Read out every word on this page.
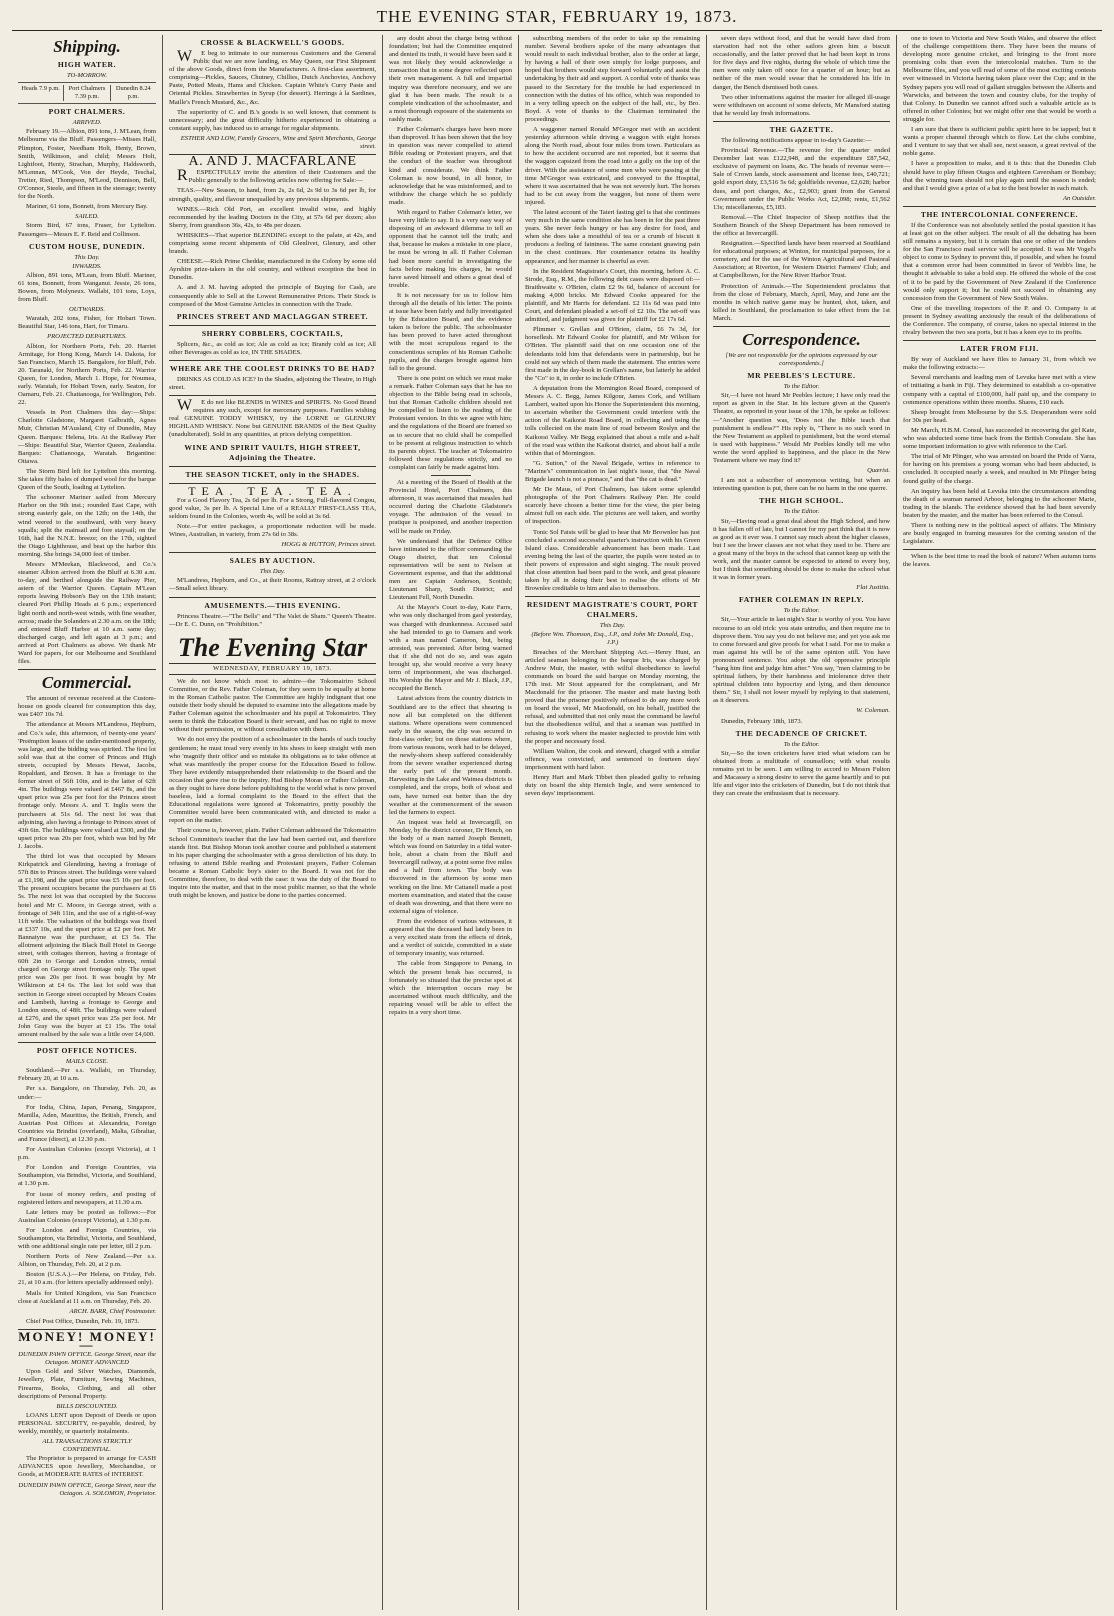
THE EVENING STAR, FEBRUARY 19, 1873.
Shipping.
HIGH WATER.
TO-MORROW.
Heads 7.9 p.m.	Port Chalmers 7.39 p.m.
Dunedin 8.24 p.m.
PORT CHALMERS.
ARRIVED.

February 19.—Albion, 891 tons, J. M'Lean, from Melbourne via the Bluff. Passengers—Misses Hall, Plimpton, Foster, Needham Holt, Henty, Brown, Smith, Wilkinson, and child; Messrs Holt, Lightfoot, Henty, Strachan, Murphy, Haldsworth, M'Lennan, M'Cook, Von der Heyde, Teschal, Tretter, Ried, Thompson, M'Leod, Dennison, Bell, O'Connor, Steele, and fifteen in the steerage; twenty for the North.

Mariner, 61 tons, Bonnett, from Mercury Bay.

SAILED.

Storm Bird, 67 tons, Fraser, for Lyttelton. Passengers—Messrs E. F. Reid and Collinson.

CUSTOM HOUSE, DUNEDIN.
This Day.
INWARDS.

Albion, 891 tons, M'Lean, from Bluff. Mariner, 61 tons, Bonnett, from Wanganui. Jessie, 26 tons, Bowen, from Molyneux. Wallabi, 101 tons, Loys, from Bluff.

OUTWARDS.

Waratah, 202 tons, Fisher, for Hobart Town. Beautiful Star, 146 tons, Hart, for Timaru.

PROJECTED DEPARTURES.

Albion, for Northern Ports, Feb. 20. Harriet Armitage, for Hong Kong, March 14. Dakota, for San Francisco, March 15. Bangalore, for Bluff, Feb. 20. Taranaki, for Northern Ports, Feb. 22. Warrior Queen, for London, March 1. Hope, for Noumea, early. Waratah, for Hobart Town, early. Seaton, for Oamaru, Feb. 21. Chattanooga, for Wellington, Feb. 22.

Vessels in Port Chalmers this day:—Ships: Charlotte Gladstone, Margaret Galbraith, Agnes Muir, Christian M'Ausland, City of Dunedin, May Queen. Barques: Helena, Iris. At the Railway Pier—Ships: Beautiful Star, Warrior Queen, Zealandia. Barques: Chattanooga, Waratah. Brigantine: Ottawa.

The Storm Bird left for Lyttelton this morning. She takes fifty bales of dumped wool for the barque Queen of the South, loading at Lyttelton.

The schooner Mariner sailed from Mercury Harbor on the 9th inst.; rounded East Cape, with strong easterly gale, on the 12th; on the 14th, the wind veered to the southward, with very heavy squalls; split the mainsail and fore staysail; on the 16th, had the N.N.E. breeze; on the 17th, sighted the Otago Lighthouse, and beat up the harbor this morning. She brings 34,000 feet of timber.

Messrs M'Meekan, Blackwood, and Co.'s steamer Albion arrived from the Bluff at 6.30 a.m. to-day, and berthed alongside the Railway Pier, astern of the Warrior Queen. Captain M'Lean reports leaving Hobson's Bay on the 13th instant; cleared Port Phillip Heads at 6 p.m.; experienced light north and north-west winds, with fine weather, across; made the Solanders at 2.30 a.m. on the 18th; and entered Bluff Harbor at 10 a.m. same day; discharged cargo, and left again at 3 p.m.; and arrived at Port Chalmers as above. We thank Mr Ward for papers, for our Melbourne and Southland files.

Commercial.

The amount of revenue received at the Custom-house on goods cleared for consumption this day, was £407 10s 7d.

The attendance at Messrs M'Landress, Hepburn, and Co.'s sale, this afternoon, of twenty-one years' 'Preëmption leases of the under-mentioned property, was large, and the bidding was spirited. The first lot sold was that at the corner of Princes and High streets, occupied by Messrs Hewat, Jacobs, Ropaldant, and Brown. It has a frontage to the former street of 56ft 10in, and to the latter of 62ft 4in. The buildings were valued at £467 8s, and the upset price was 25s per foot for the Princes street frontage only. Messrs A. and T. Inglis were the purchasers at 51s 6d. The next lot was that adjoining, also having a frontage to Princes street of 43ft 6in. The buildings were valued at £300, and the upset price was 20s per foot, which was bid by Mr J. Jacobs.

The third lot was that occupied by Messrs Kirkpatrick and Glendining, having a frontage of 57ft 8in to Princes street. The buildings were valued at £1,198, and the upset price was £5 10s per foot. The present occupiers became the purchasers at £6 5s. The next lot was that occupied by the Success hotel and Mr C. Moore, in George street, with a frontage of 34ft 11in, and the use of a right-of-way 11ft wide. The valuation of the buildings was fixed at £337 10s, and the upset price at £2 per foot. Mr Bannatyne was the purchaser, at £3 5s. The allotment adjoining the Black Bull Hotel in George street, with cottages thereon, having a frontage of 60ft 2in to George and London streets, rental charged on George street frontage only. The upset price was 20s per foot. It was bought by Mr Wilkinson at £4 6s. The last lot sold was that section in George street occupied by Messrs Coates and Lambeth, having a frontage to George and London streets, of 48ft. The buildings were valued at £276, and the upset price was 25s per foot. Mr John Gray was the buyer at £1 15s. The total amount realised by the sale was a little over £4,600.

POST OFFICE NOTICES.
MAILS CLOSE.

Southland.—Per s.s. Wallabi, on Thursday, February 20, at 10 a.m.

Per s.s. Bangalore, on Thursday, Feb. 20, as under:—

For India, China, Japan, Penang, Singapore, Manilla, Aden, Mauritius, the British, French, and Austrian Post Offices at Alexandria, Foreign Countries via Brindisi (overland), Malta, Gibraltar, and France (direct), at 12.30 p.m.

For Australian Colonies (except Victoria), at 1 p.m.

For London and Foreign Countries, via Southampton, via Brindisi, Victoria, and Southland, at 1.30 p.m.

For issue of money orders, and posting of registered letters and newspapers, at 11.30 a.m.

Late letters may be posted as follows:—For Australian Colonies (except Victoria), at 1.30 p.m.

For London and Foreign Countries, via Southampton, via Brindisi, Victoria, and Southland, with one additional single rate per letter, till 2 p.m.

Northern Ports of New Zealand.—Per s.s. Albion, on Thursday, Feb. 20, at 2 p.m.

Boston (U.S.A.).—Per Helena, on Friday, Feb. 21, at 10 a.m. (for letters specially addressed only).

Mails for United Kingdom, via San Francisco close at Auckland at 11 a.m. on Thursday, Feb. 20.

ARCH. BARR, Chief Postmaster.

Chief Post Office, Dunedin, Feb. 19, 1873.

MONEY! MONEY!—
DUNEDIN PAWN OFFICE. George Street, near the Octagon. MONEY ADVANCED

Upon Gold and Silver Watches, Diamonds, Jewellery, Plate, Furniture, Sewing Machines, Firearms, Books, Clothing, and all other descriptions of Personal Property.

BILLS DISCOUNTED.

LOANS LENT upon Deposit of Deeds or upon PERSONAL SECURITY, re-payable, desired, by weekly, monthly, or quarterly instalments.

ALL TRANSACTIONS STRICTLY CONFIDENTIAL.

The Proprietor is prepared to arrange for CASH ADVANCES upon Jewellery, Merchandise, or Goods, at MODERATE RATES of INTEREST.

DUNEDIN PAWN OFFICE, George Street, near the Octagon. A. SOLOMON, Proprietor.

CROSSE & BLACKWELL'S GOODS.

WE beg to intimate to our numerous Customers and the General Public that we are now landing, ex May Queen, our First Shipment of the above Goods, direct from the Manufacturers. A first-class assortment, comprising—Pickles, Sauces, Chutney, Chillies, Dutch Anchovies, Anchovy Paste, Potted Meats, Hams and Chicken. Captain White's Curry Paste and Oriental Pickles. Strawberries in Syrup (for dessert). Herrings à la Sardines, Maille's French Mustard, &c., &c.

The superiority of C. and B.'s goods is so well known, that comment is unnecessary; and the great difficulty hitherto experienced in obtaining a constant supply, has induced us to arrange for regular shipments.

ESTHER AND LOW, Family Grocers, Wine and Spirit Merchants, George street.

A. AND J. MACFARLANE

RESPECTFULLY invite the attention of their Customers and the Public generally to the following articles now offering for Sale:—

TEAS.—New Season, to hand, from 2s, 2s 6d, 2s 9d to 3s 6d per lb, for strength, quality, and flavour unequalled by any previous shipments.

WINES.—Rich Old Port, an excellent invalid wine, and highly recommended by the leading Doctors in the City, at 57s 6d per dozen; also Sherry, from grandison 36s, 42s, to 48s per dozen.

WHISKIES—That superior BLENDING except to the palate, at 42s, and comprising some recent shipments of Old Glenlivet, Glenury, and other brands.

CHEESE.—Rich Prime Cheddar, manufactured in the Colony by some old Ayrshire prize-takers in the old country, and without exception the best in Dunedin.

A. and J. M. having adopted the principle of Buying for Cash, are consequently able to Sell at the Lowest Remunerative Prices. Their Stock is composed of the Most Genuine Articles in connection with the Trade.

PRINCES STREET AND MACLAGGAN STREET.
SHERRY COBBLERS, COCKTAILS,

Splicers, &c., as cold as ice; Ale as cold as ice; Brandy cold as ice; All other Beverages as cold as ice, IN THE SHADES.

WHERE ARE THE COOLEST DRINKS TO BE HAD?

DRINKS AS COLD AS ICE? In the Shades, adjoining the Theatre, in High street.

WE do not like BLENDS in WINES and SPIRITS. No Good Brand requires any such, except for mercenary purposes. Families wishing real GENUINE TODDY WHISKY, try the LORNE or GLENURY HIGHLAND WHISKY. None but GENUINE BRANDS of the Best Quality (unadulterated). Sold in any quantities, at prices defying competition.

WINE AND SPIRIT VAULTS, HIGH STREET, Adjoining the Theatre.
THE SEASON TICKET, only in the SHADES.
TEA. TEA. TEA.

For a Good Flavory Tea, 2s 6d per lb. For a Strong, Full-flavored Congou, good value, 3s per lb. A Special Line of a REALLY FIRST-CLASS TEA, seldom found in the Colonies, worth 4s, will be sold at 3s 6d.

Note.—For entire packages, a proportionate reduction will be made. Wines, Australian, in variety, from 27s 6d to 38s.

HOGG & HUTTON, Princes street.

SALES BY AUCTION.
This Day.

M'Landress, Hepburn, and Co., at their Rooms, Rattray street, at 2 o'clock—Small select library.

AMUSEMENTS.—THIS EVENING.

Princess Theatre.—"The Bells" and "The Valet de Sham." Queen's Theatre.—Dr E. C. Dunn, on "Prohibition."

The Evening Star
WEDNESDAY, FEBRUARY 19, 1873.

We do not know which most to admire—the Tokomairiro School Committee, or the Rev. Father Coleman, for they seem to be equally at home in the Roman Catholic pastor. The Committee are highly indignant that one outside their body should be deputed to examine into the allegations made by Father Coleman against the schoolmaster and his pupil at Tokomairiro. They seem to think the Education Board is their servant, and has no right to move without their permission, or without consultation with them.

We do not envy the position of a schoolmaster in the hands of such touchy gentlemen; he must tread very evenly in his shoes to keep straight with men who 'magnify their office' and so mistake its obligations as to take offence at what was manifestly the proper course for the Education Board to follow. They have evidently misapprehended their relationship to the Board and the occasion that gave rise to the inquiry. Had Bishop Moran or Father Coleman, as they ought to have done before publishing to the world what is now proved baseless, laid a formal complaint to the Board to the effect that the Educational regulations were ignored at Tokomairiro, pretty possibly the Committee would have been communicated with, and directed to make a report on the matter.

Their course is, however, plain. Father Coleman addressed the Tokomairiro School Committee's teacher that the law had been carried out, and therefore stands first. But Bishop Moran took another course and published a statement in his paper charging the schoolmaster with a gross dereliction of his duty. In refusing to attend Bible reading and Protestant prayers, Father Coleman became a Roman Catholic boy's sister to the Board. It was not for the Committee, therefore, to deal with the case: it was the duty of the Board to inquire into the matter, and that in the most public manner, so that the whole truth might be known, and justice be done to the parties concerned.

any doubt about the charge being without foundation; but had the Committee enquired and denied its truth, it would have been said it was not likely they would acknowledge a transaction that in some degree reflected upon their own management. A full and impartial inquiry was therefore necessary, and we are glad it has been made. The result is a complete vindication of the schoolmaster, and a most thorough exposure of the statements so rashly made.

Father Coleman's charges have been more than disproved. It has been shown that the boy in question was never compelled to attend Bible reading or Protestant prayers, and that the conduct of the teacher was throughout kind and considerate. We think Father Coleman is now bound, in all honor, to acknowledge that he was misinformed, and to withdraw the charge which he so publicly made.

With regard to Father Coleman's letter, we have very little to say. It is a very easy way of disposing of an awkward dilemma to tell an opponent that he cannot tell the truth; and that, because he makes a mistake in one place, he must be wrong in all. If Father Coleman had been more careful in investigating the facts before making his charges, he would have saved himself and others a great deal of trouble.

It is not necessary for us to follow him through all the details of his letter. The points at issue have been fairly and fully investigated by the Education Board, and the evidence taken is before the public. The schoolmaster has been proved to have acted throughout with the most scrupulous regard to the conscientious scruples of his Roman Catholic pupils, and the charges brought against him fall to the ground.

There is one point on which we must make a remark. Father Coleman says that he has no objection to the Bible being read in schools, but that Roman Catholic children should not be compelled to listen to the reading of the Protestant version. In this we agree with him; and the regulations of the Board are framed so as to secure that no child shall be compelled to be present at religious instruction to which its parents object. The teacher at Tokomairiro followed these regulations strictly, and no complaint can fairly be made against him.

At a meeting of the Board of Health at the Provincial Hotel, Port Chalmers, this afternoon, it was ascertained that measles had occurred during the Charlotte Gladstone's voyage. The admission of the vessel to pratique is postponed, and another inspection will be made on Friday.

We understand that the Defence Office have intimated to the officer commanding the Otago district, that ten Colonial representatives will be sent to Nelson at Government expense, and that the additional men are Captain Anderson, Scottish; Lieutenant Sharp, South District; and Lieutenant Fell, North Dunedin.

At the Mayor's Court to-day, Kate Farrs, who was only discharged from gaol yesterday, was charged with drunkenness. Accused said she had intended to go to Oamaru and work with a man named Cameron, but, being arrested, was prevented. After being warned that if she did not do so, and was again brought up, she would receive a very heavy term of imprisonment, she was discharged. His Worship the Mayor and Mr J. Black, J.P., occupied the Bench.

Latest advices from the country districts in Southland are to the effect that shearing is now all but completed on the different stations. Where operations were commenced early in the season, the clip was secured in first-class order; but on those stations where, from various reasons, work had to be delayed, the newly-shorn sheep suffered considerably from the severe weather experienced during the early part of the present month. Harvesting in the Lake and Waimea districts is completed, and the crops, both of wheat and oats, have turned out better than the dry weather at the commencement of the season led the farmers to expect.

An inquest was held at Invercargill, on Monday, by the district coroner, Dr Hench, on the body of a man named Joseph Bennett, which was found on Saturday in a tidal water-hole, about a chain from the Bluff and Invercargill railway, at a point some five miles and a half from town. The body was discovered in the afternoon by some men working on the line. Mr Cattanell made a post mortem examination, and stated that the cause of death was drowning, and that there were no external signs of violence.

From the evidence of various witnesses, it appeared that the deceased had lately been in a very excited state from the effects of drink, and a verdict of suicide, committed in a state of temporary insanity, was returned.

The cable from Singapore to Penang, in which the present break has occurred, is fortunately so situated that the precise spot at which the interruption occurs may be ascertained without much difficulty, and the repairing vessel will be able to effect the repairs in a very short time.

subscribing members of the order to take up the remaining number. Several brothers spoke of the many advantages that would result to each individual brother, also to the order at large, by having a hall of their own simply for lodge purposes, and hoped that brothers would step forward voluntarily and assist the undertaking by their aid and support. A cordial vote of thanks was passed to the Secretary for the trouble he had experienced in connection with the duties of his office, which was responded to in a very telling speech on the subject of the hall, etc., by Bro. Boyd. A vote of thanks to the Chairman terminated the proceedings.

A waggoner named Ronald M'Gregor met with an accident yesterday afternoon while driving a waggon with eight horses along the North road, about four miles from town. Particulars as to how the accident occurred are not reported, but it seems that the waggon capsized from the road into a gully on the top of the driver. With the assistance of some men who were passing at the time M'Gregor was extricated, and conveyed to the Hospital, where it was ascertained that he was not severely hurt. The horses had to be cut away from the waggon, but none of them were injured.

The latest account of the Taieri fasting girl is that she continues very much in the same condition she has been in for the past three years. She never feels hungry or has any desire for food, and when she does take a mouthful of tea or a crumb of biscuit it produces a feeling of faintness. The same constant gnawing pain in the chest continues. Her countenance retains its healthy appearance, and her manner is cheerful as ever.

In the Resident Magistrate's Court, this morning, before A. C. Strode, Esq., R.M., the following debt cases were disposed of:—Braithwaite v. O'Brien, claim £2 9s 6d, balance of account for making 4,000 bricks. Mr Edward Cooke appeared for the plaintiff, and Mr Harris for defendant. £2 11s 6d was paid into Court, and defendant pleaded a set-off of £2 10s. The set-off was admitted, and judgment was given for plaintiff for £2 17s 6d.

Plimmer v. Grellan and O'Brien, claim, £6 7s 3d, for horseflesh. Mr Edward Cooke for plaintiff, and Mr Wilson for O'Brien. The plaintiff said that on one occasion one of the defendants told him that defendants were in partnership, but he could not say which of them made the statement. The entries were first made in the day-book in Grellan's name, but latterly he added the "Co" to it, in order to include O'Brien.

A deputation from the Mornington Road Board, composed of Messrs A. C. Begg, James Kilgour, James Cork, and William Lambert, waited upon his Honor the Superintendent this morning, to ascertain whether the Government could interfere with the action of the Kaikorai Road Board, in collecting and using the tolls collected on the main line of road between Roslyn and the Kaikorai Valley. Mr Begg explained that about a mile and a-half of the road was within the Kaikorai district, and about half a mile within that of Mornington.

"G. Sutton," of the Naval Brigade, writes in reference to "Marine's" communication in last night's issue, that "the Naval Brigade launch is not a pinnace," and that "the cat is dead."

Mr De Maus, of Port Chalmers, has taken some splendid photographs of the Port Chalmers Railway Pier. He could scarcely have chosen a better time for the view, the pier being almost full on each side. The pictures are well taken, and worthy of inspection.

Tonic Sol Faists will be glad to hear that Mr Brownlee has just concluded a second successful quarter's instruction with his Green Island class. Considerable advancement has been made. Last evening being the last of the quarter, the pupils were tested as to their powers of expression and sight singing. The result proved that close attention had been paid to the work, and great pleasure taken by all in doing their best to realise the efforts of Mr Brownlee creditable to him and also to themselves.

RESIDENT MAGISTRATE'S COURT, PORT CHALMERS.
This Day.
(Before Wm. Thomson, Esq., J.P., and John Mc Donald, Esq., J.P.)

Breaches of the Merchant Shipping Act.—Henry Hunt, an articled seaman belonging to the barque Iris, was charged by Andrew Muir, the master, with wilful disobedience to lawful commands on board the said barque on Monday morning, the 17th inst. Mr Stout appeared for the complainant, and Mr Macdonald for the prisoner. The master and mate having both proved that the prisoner positively refused to do any more work on board the vessel, Mr Macdonald, on his behalf, justified the refusal, and submitted that not only must the command be lawful but the disobedience wilful, and that a seaman was justified in refusing to work where the master neglected to provide him with the proper and necessary food.

William Walton, the cook and steward, charged with a similar offence, was convicted, and sentenced to fourteen days' imprisonment with hard labor.

Henry Hart and Mark Tibbet then pleaded guilty to refusing duty on board the ship Hemich Ingle, and were sentenced to seven days' imprisonment.

seven days without food, and that he would have died from starvation had not the other sailors given him a biscuit occasionally, and the latter proved that he had been kept in irons for five days and five nights, during the whole of which time the men were only taken off once for a quarter of an hour; but as neither of the men would swear that he considered his life in danger, the Bench dismissed both cases.

Two other informations against the master for alleged ill-usage were withdrawn on account of some defects, Mr Mansford stating that he would lay fresh informations.

THE GAZETTE.

The following notifications appear in to-day's Gazette:—

Provincial Revenue.—The revenue for the quarter ended December last was £122,948, and the expenditure £87,542, exclusive of payment on loans, &c. The heads of revenue were—Sale of Crown lands, stock assessment and license fees, £40,721; gold export duty, £3,516 5s 6d; goldfields revenue, £2,628; harbor dues, and port charges, &c., £2,903; grant from the General Government under the Public Works Act, £2,098; rents, £1,562 13s; miscellaneous, £5,183.

Removal.—The Chief Inspector of Sheep notifies that the Southern Branch of the Sheep Department has been removed to the office at Invercargill.

Resignation.—Specified lands have been reserved at Southland for educational purposes; at Winton, for municipal purposes, for a cemetery, and for the use of the Winton Agricultural and Pastoral Association; at Riverton, for Western District Farmers' Club; and at Campbelltown, for the New River Harbor Trust.

Protection of Animals.—The Superintendent proclaims that from the close of February, March, April, May, and June are the months in which native game may be hunted, shot, taken, and killed in Southland, the proclamation to take effect from the 1st March.

Correspondence.
[We are not responsible for the opinions expressed by our correspondents.]
MR PEEBLES'S LECTURE.
To the Editor.

Sir,—I have not heard Mr Peebles lecture; I have only read the report as given in the Star. In his lecture given at the Queen's Theatre, as reported in your issue of the 17th, he spoke as follows:—"Another question was, 'Does not the Bible teach that punishment is endless?'" His reply is, "There is no such word in the New Testament as applied to punishment, but the word eternal is used with happiness." Would Mr Peebles kindly tell me who wrote the word applied to happiness, and the place in the New Testament where we may find it?

Quærist.

I am not a subscriber of anonymous writing, but when an interesting question is put, there can be no harm in the one querre.

THE HIGH SCHOOL.
To the Editor.

Sir,—Having read a great deal about the High School, and how it has fallen off of late, but I cannot for my part think that it is now as good as it ever was. I cannot say much about the higher classes, but I see the lower classes are not what they used to be. There are a great many of the boys in the school that cannot keep up with the work, and the master cannot be expected to attend to every boy, but I think that something should be done to make the school what it was in former years.

Flat Justitia.

FATHER COLEMAN IN REPLY.
To the Editor.

Sir,—Your article in last night's Star is worthy of you. You have recourse to an old trick: you state untruths, and then require me to disprove them. You say you do not believe me; and yet you ask me to come forward and give proofs for what I said. For me to make a man against his will be of the same opinion still. You have pronounced sentence. You adopt the old oppressive principle "hang him first and judge him after." You say, "men claiming to be spiritual fathers, by their harshness and intolerance drive their spiritual children into hypocrisy and lying, and then denounce them." Sir, I shall not lower myself by replying to that statement, as it deserves.

W. Coleman.

Dunedin, February 18th, 1873.

THE DECADENCE OF CRICKET.
To the Editor.

Sir,—So the town cricketers have tried what wisdom can be obtained from a multitude of counsellors; with what results remains yet to be seen. I am willing to accord to Messrs Fulton and Macassey a strong desire to serve the game heartily and to put life and vigor into the cricketers of Dunedin, but I do not think that they can create the enthusiasm that is necessary.

one to town to Victoria and New South Wales, and observe the effect of the challenge competitions there. They have been the means of developing more genuine cricket, and bringing to the front more promising colts than even the intercolonial matches. Turn to the Melbourne files, and you will read of some of the most exciting contests ever witnessed in Victoria having taken place over the Cup; and in the Sydney papers you will read of gallant struggles between the Alberts and Warwicks, and between the town and country clubs, for the trophy of that Colony. In Dunedin we cannot afford such a valuable article as is offered in other Colonies; but we might offer one that would be worth a struggle for.

I am sure that there is sufficient public spirit here to be tapped; but it wants a proper channel through which to flow. Let the clubs combine, and I venture to say that we shall see, next season, a great revival of the noble game.

I have a proposition to make, and it is this: that the Dunedin Club should have to play fifteen Otagos and eighteen Caversham or Bombay; that the winning team should not play again until the season is ended; and that I would give a prize of a bat to the best bowler in each match.

An Outsider.

THE INTERCOLONIAL CONFERENCE.

If the Conference was not absolutely settled the postal question it has at least got on the other subject. The result of all the debating has been still remains a mystery, but it is certain that one or other of the tenders for the San Francisco mail service will be accepted. It was Mr Vogel's object to come to Sydney to prevent this, if possible, and when he found that a common error had been committed in favor of Webb's line, he thought it advisable to take a bold step. He offered the whole of the cost of it to be paid by the Government of New Zealand if the Conference would only support it; but he could not succeed in obtaining any concession from the Government of New South Wales.

One of the travelling inspectors of the P. and O. Company is at present in Sydney awaiting anxiously the result of the deliberations of the Conference. The company, of course, takes no special interest in the rivalry between the two sea ports, but it has a keen eye to its profits.

LATER FROM FIJI.

By way of Auckland we have files to January 31, from which we make the following extracts:—

Several merchants and leading men of Levuka have met with a view of initiating a bank in Fiji. They determined to establish a co-operative company with a capital of £100,000, half paid up, and the company to commence operations within three months. Shares, £10 each.

Sheep brought from Melbourne by the S.S. Desperandum were sold for 30s per head.

Mr March, H.B.M. Consul, has succeeded in recovering the girl Kate, who was abducted some time back from the British Consulate. She has some important information to give with reference to the Carl.

The trial of Mr Pfinger, who was arrested on board the Pride of Yarra, for having on his premises a young woman who had been abducted, is concluded. It occupied nearly a week, and resulted in Mr Pfinger being found guilty of the charge.

An inquiry has been held at Levuka into the circumstances attending the death of a seaman named Arboor, belonging to the schooner Marie, trading in the islands. The evidence showed that he had been severely beaten by the master, and the matter has been referred to the Consul.

There is nothing new in the political aspect of affairs. The Ministry are busily engaged in framing measures for the coming session of the Legislature.

When is the best time to read the book of nature? When autumn turns the leaves.
